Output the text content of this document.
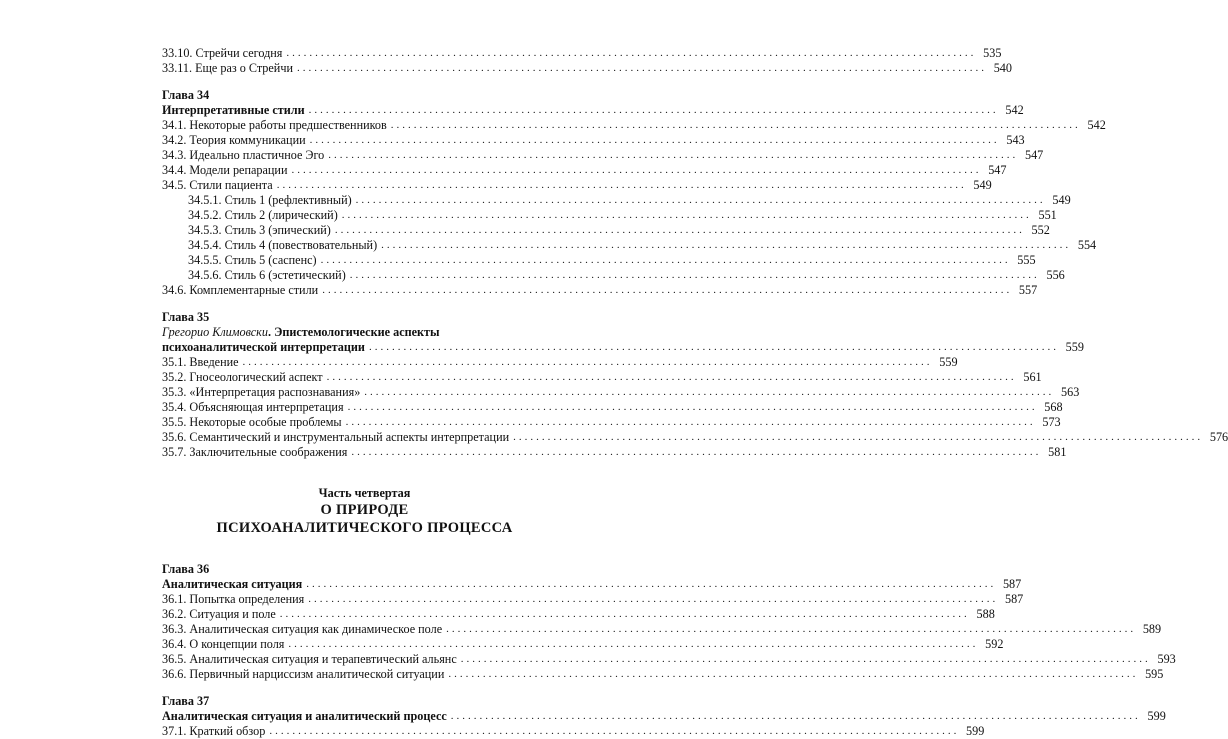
33.10. Стрейчи сегодня ........................................................................................................................ 535
33.11. Еще раз о Стрейчи ........................................................................................................................ 540
Глава 34
Интерпретативные стили ........................................................................................................................ 542
34.1. Некоторые работы предшественников ........................................................................................................................ 542
34.2. Теория коммуникации ........................................................................................................................ 543
34.3. Идеально пластичное Эго ........................................................................................................................ 547
34.4. Модели репарации ........................................................................................................................ 547
34.5. Стили пациента ........................................................................................................................ 549
34.5.1. Стиль 1 (рефлективный) ........................................................................................................................ 549
34.5.2. Стиль 2 (лирический) ........................................................................................................................ 551
34.5.3. Стиль 3 (эпический) ........................................................................................................................ 552
34.5.4. Стиль 4 (повествовательный) ........................................................................................................................ 554
34.5.5. Стиль 5 (саспенс) ........................................................................................................................ 555
34.5.6. Стиль 6 (эстетический) ........................................................................................................................ 556
34.6. Комплементарные стили ........................................................................................................................ 557
Глава 35
Грегорио Климовски. Эпистемологические аспекты
психоаналитической интерпретации ........................................................................................................................ 559
35.1. Введение ........................................................................................................................ 559
35.2. Гносеологический аспект ........................................................................................................................ 561
35.3. «Интерпретация распознавания» ........................................................................................................................ 563
35.4. Объясняющая интерпретация ........................................................................................................................ 568
35.5. Некоторые особые проблемы ........................................................................................................................ 573
35.6. Семантический и инструментальный аспекты интерпретации ........................................................................................................................ 576
35.7. Заключительные соображения ........................................................................................................................ 581
Часть четвертая
О ПРИРОДЕ
ПСИХОАНАЛИТИЧЕСКОГО ПРОЦЕССА
Глава 36
Аналитическая ситуация ........................................................................................................................ 587
36.1. Попытка определения ........................................................................................................................ 587
36.2. Ситуация и поле ........................................................................................................................ 588
36.3. Аналитическая ситуация как динамическое поле ........................................................................................................................ 589
36.4. О концепции поля ........................................................................................................................ 592
36.5. Аналитическая ситуация и терапевтический альянс ........................................................................................................................ 593
36.6. Первичный нарциссизм аналитической ситуации ........................................................................................................................ 595
Глава 37
Аналитическая ситуация и аналитический процесс ........................................................................................................................ 599
37.1. Краткий обзор ........................................................................................................................ 599
